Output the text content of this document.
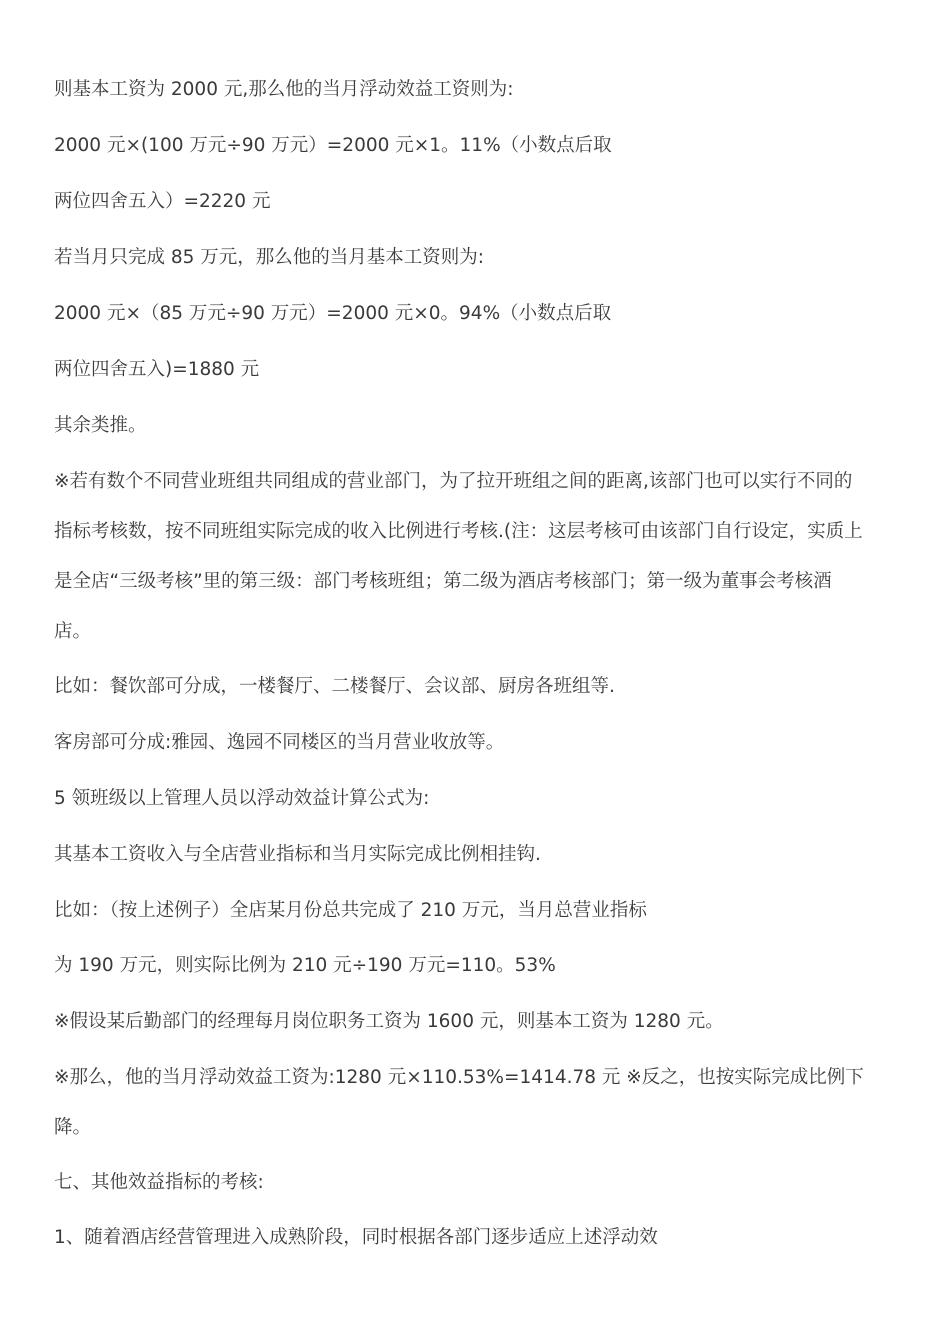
则基本工资为 2000 元,那么他的当月浮动效益工资则为:
2000 元×(100 万元÷90 万元）=2000 元×1。11%（小数点后取
两位四舍五入）=2220 元
若当月只完成 85 万元，那么他的当月基本工资则为:
2000 元×（85 万元÷90 万元）=2000 元×0。94%（小数点后取
两位四舍五入)=1880 元
其余类推。
※若有数个不同营业班组共同组成的营业部门，为了拉开班组之间的距离,该部门也可以实行不同的
指标考核数，按不同班组实际完成的收入比例进行考核.(注：这层考核可由该部门自行设定，实质上
是全店“三级考核”里的第三级：部门考核班组；第二级为酒店考核部门；第一级为董事会考核酒
店。
比如：餐饮部可分成，一楼餐厅、二楼餐厅、会议部、厨房各班组等.
客房部可分成:雅园、逸园不同楼区的当月营业收放等。
5 领班级以上管理人员以浮动效益计算公式为:
其基本工资收入与全店营业指标和当月实际完成比例相挂钩.
比如：（按上述例子）全店某月份总共完成了 210 万元，当月总营业指标
为 190 万元，则实际比例为 210 元÷190 万元=110。53%
※假设某后勤部门的经理每月岗位职务工资为 1600 元，则基本工资为 1280 元。
※那么，他的当月浮动效益工资为:1280 元×110.53%=1414.78 元 ※反之，也按实际完成比例下
降。
七、其他效益指标的考核:
1、随着酒店经营管理进入成熟阶段，同时根据各部门逐步适应上述浮动效
